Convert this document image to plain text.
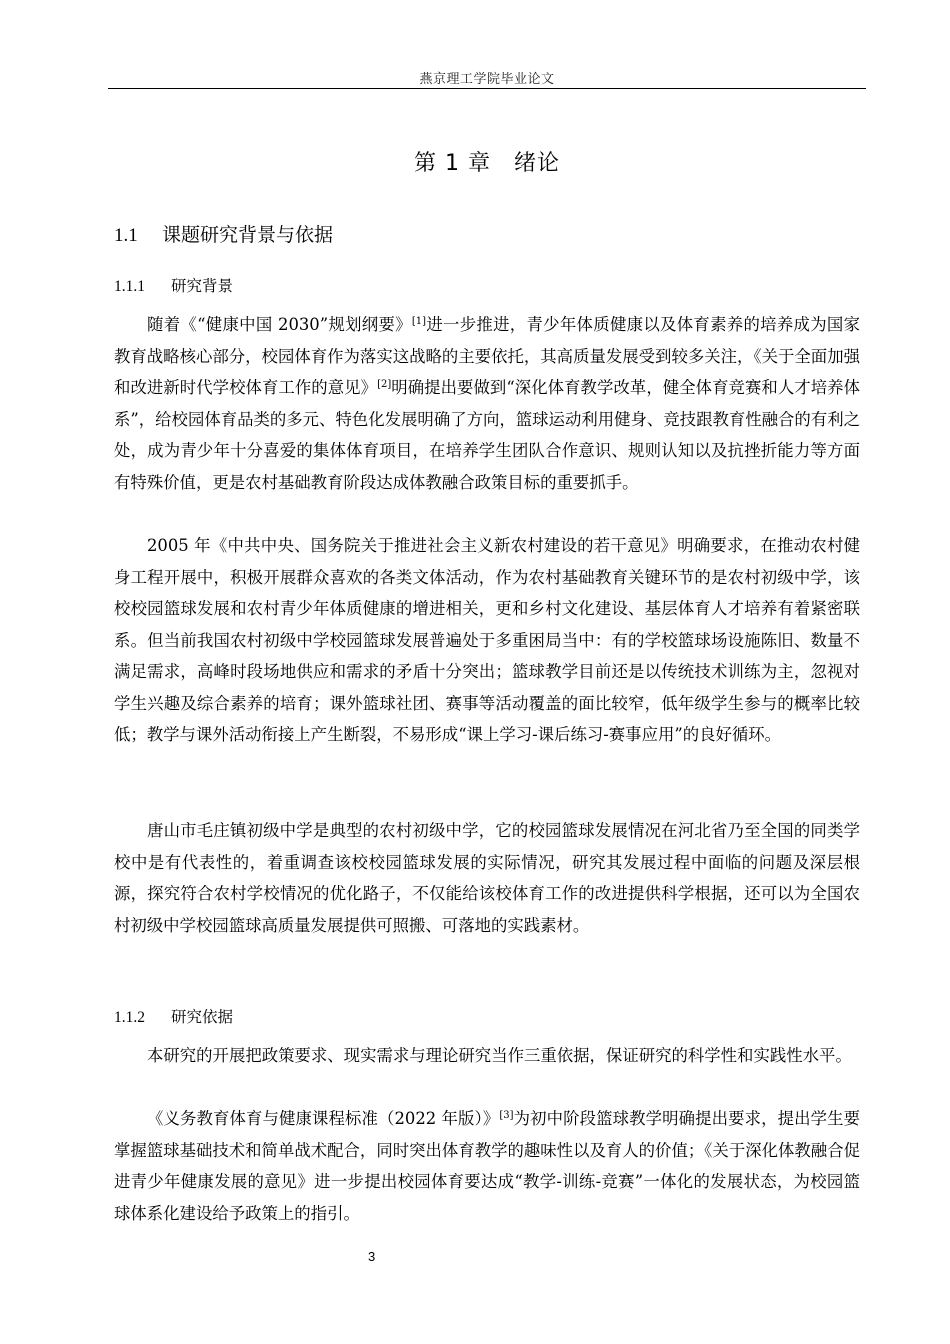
燕京理工学院毕业论文
第 1 章　绪论
1.1 课题研究背景与依据
1.1.1 研究背景

随着《“健康中国 2030”规划纲要》[1]进一步推进，青少年体质健康以及体育素养的培养成为国家教育战略核心部分，校园体育作为落实这战略的主要依托，其高质量发展受到较多关注，《关于全面加强和改进新时代学校体育工作的意见》[2]明确提出要做到“深化体育教学改革，健全体育竞赛和人才培养体系”，给校园体育品类的多元、特色化发展明确了方向，篮球运动利用健身、竞技跟教育性融合的有利之处，成为青少年十分喜爱的集体体育项目，在培养学生团队合作意识、规则认知以及抗挫折能力等方面有特殊价值，更是农村基础教育阶段达成体教融合政策目标的重要抓手。

2005 年《中共中央、国务院关于推进社会主义新农村建设的若干意见》明确要求，在推动农村健身工程开展中，积极开展群众喜欢的各类文体活动，作为农村基础教育关键环节的是农村初级中学，该校校园篮球发展和农村青少年体质健康的增进相关，更和乡村文化建设、基层体育人才培养有着紧密联系。但当前我国农村初级中学校园篮球发展普遍处于多重困局当中：有的学校篮球场设施陈旧、数量不满足需求，高峰时段场地供应和需求的矛盾十分突出；篮球教学目前还是以传统技术训练为主，忽视对学生兴趣及综合素养的培育；课外篮球社团、赛事等活动覆盖的面比较窄，低年级学生参与的概率比较低；教学与课外活动衔接上产生断裂，不易形成“课上学习-课后练习-赛事应用”的良好循环。

唐山市毛庄镇初级中学是典型的农村初级中学，它的校园篮球发展情况在河北省乃至全国的同类学校中是有代表性的，着重调查该校校园篮球发展的实际情况，研究其发展过程中面临的问题及深层根源，探究符合农村学校情况的优化路子，不仅能给该校体育工作的改进提供科学根据，还可以为全国农村初级中学校园篮球高质量发展提供可照搬、可落地的实践素材。

1.1.2 研究依据

本研究的开展把政策要求、现实需求与理论研究当作三重依据，保证研究的科学性和实践性水平。

《义务教育体育与健康课程标准（2022 年版）》[3]为初中阶段篮球教学明确提出要求，提出学生要掌握篮球基础技术和简单战术配合，同时突出体育教学的趣味性以及育人的价值；《关于深化体教融合促进青少年健康发展的意见》进一步提出校园体育要达成“教学-训练-竞赛”一体化的发展状态，为校园篮球体系化建设给予政策上的指引。

3
